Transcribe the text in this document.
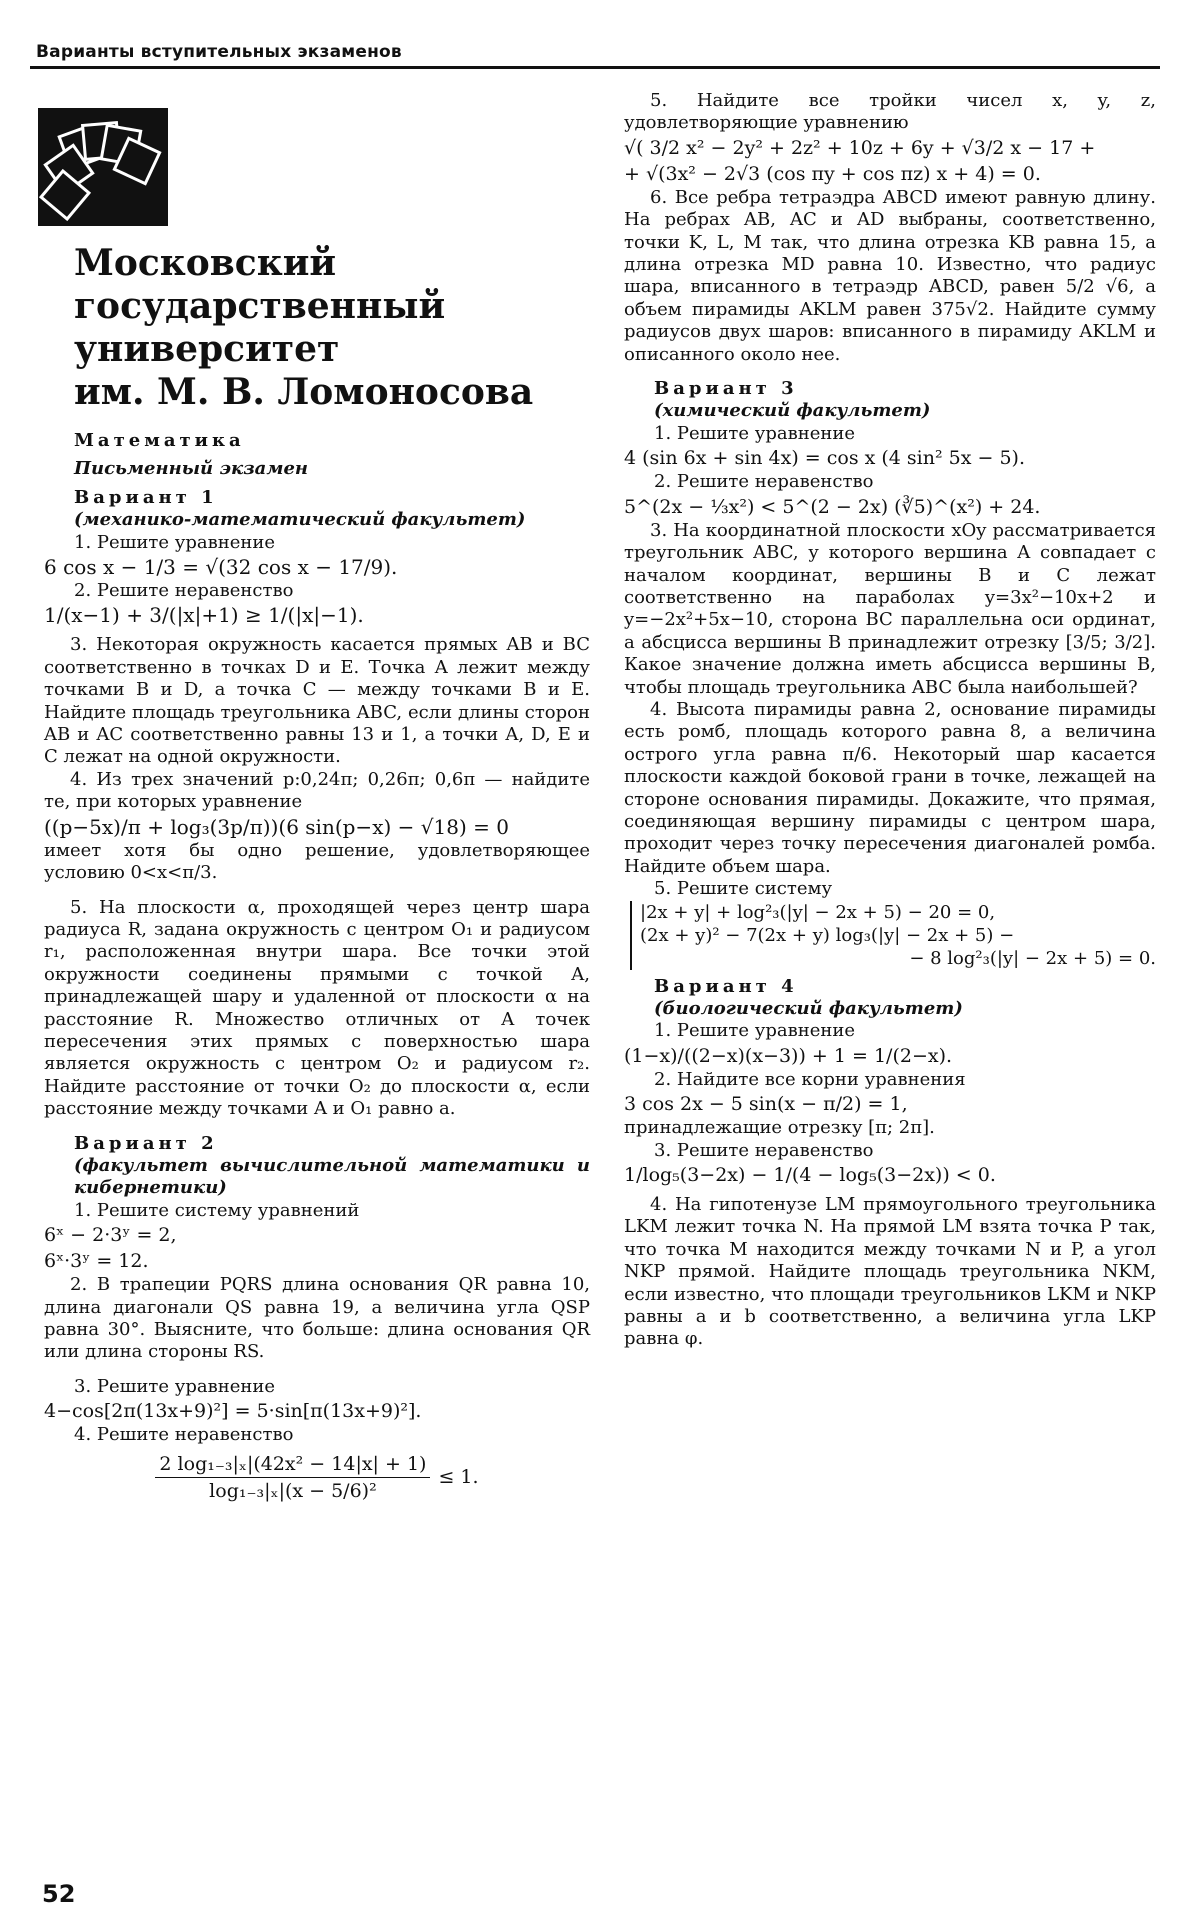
Варианты вступительных экзаменов
Московский
государственный
университет
им. М. В. Ломоносова

Математика

Письменный экзамен

Вариант 1

(механико-математический факультет)

1. Решите уравнение

6 cos x − 1/3 = √(32 cos x − 17/9).

2. Решите неравенство

1/(x−1) + 3/(|x|+1) ≥ 1/(|x|−1).

3. Некоторая окружность касается прямых AB и BC соответственно в точках D и E. Точка A лежит между точками B и D, а точка C — между точками B и E. Найдите площадь треугольника ABC, если длины сторон AB и AC соответственно равны 13 и 1, а точки A, D, E и C лежат на одной окружности.

4. Из трех значений p:0,24π; 0,26π; 0,6π — найдите те, при которых уравнение

((p−5x)/π + log₃(3p/π))(6 sin(p−x) − √18) = 0

имеет хотя бы одно решение, удовлетворяющее условию 0<x<π/3.

5. На плоскости α, проходящей через центр шара радиуса R, задана окружность с центром O₁ и радиусом r₁, расположенная внутри шара. Все точки этой окружности соединены прямыми с точкой A, принадлежащей шару и удаленной от плоскости α на расстояние R. Множество отличных от A точек пересечения этих прямых с поверхностью шара является окружность с центром O₂ и радиусом r₂. Найдите расстояние от точки O₂ до плоскости α, если расстояние между точками A и O₁ равно a.

Вариант 2

(факультет вычислительной математики и кибернетики)

1. Решите систему уравнений

6ˣ − 2·3ʸ = 2,

6ˣ·3ʸ = 12.

2. В трапеции PQRS длина основания QR равна 10, длина диагонали QS равна 19, а величина угла QSP равна 30°. Выясните, что больше: длина основания QR или длина стороны RS.

3. Решите уравнение

4−cos[2π(13x+9)²] = 5·sin[π(13x+9)²].

4. Решите неравенство

$\frac{\text{2 log₁₋₃|ₓ|(42x² − 14|x| + 1)}}{\text{log₁₋₃|ₓ|(x − 5/6)²}} \le 1$.

5. Найдите все тройки чисел x, y, z, удовлетворяющие уравнению

√( 3/2 x² − 2y² + 2z² + 10z + 6y + √3/2 x − 17 +

+ √(3x² − 2√3 (cos πy + cos πz) x + 4) = 0.

6. Все ребра тетраэдра ABCD имеют равную длину. На ребрах AB, AC и AD выбраны, соответственно, точки K, L, M так, что длина отрезка KB равна 15, а длина отрезка MD равна 10. Известно, что радиус шара, вписанного в тетраэдр ABCD, равен 5/2 √6, а объем пирамиды AKLM равен 375√2. Найдите сумму радиусов двух шаров: вписанного в пирамиду AKLM и описанного около нее.

Вариант 3

(химический факультет)

1. Решите уравнение

4 (sin 6x + sin 4x) = cos x (4 sin² 5x − 5).

2. Решите неравенство

5^(2x − ⅓x²) < 5^(2 − 2x) (∛5)^(x²) + 24.

3. На координатной плоскости xOy рассматривается треугольник ABC, у которого вершина A совпадает с началом координат, вершины B и C лежат соответственно на параболах y=3x²−10x+2 и y=−2x²+5x−10, сторона BC параллельна оси ординат, а абсцисса вершины B принадлежит отрезку [3/5; 3/2]. Какое значение должна иметь абсцисса вершины B, чтобы площадь треугольника ABC была наибольшей?

4. Высота пирамиды равна 2, основание пирамиды есть ромб, площадь которого равна 8, а величина острого угла равна π/6. Некоторый шар касается плоскости каждой боковой грани в точке, лежащей на стороне основания пирамиды. Докажите, что прямая, соединяющая вершину пирамиды с центром шара, проходит через точку пересечения диагоналей ромба. Найдите объем шара.

5. Решите систему

|2x + y| + log²₃(|y| − 2x + 5) − 20 = 0,
(2x + y)² − 7(2x + y) log₃(|y| − 2x + 5) −
− 8 log²₃(|y| − 2x + 5) = 0.

Вариант 4

(биологический факультет)

1. Решите уравнение

(1−x)/((2−x)(x−3)) + 1 = 1/(2−x).

2. Найдите все корни уравнения

3 cos 2x − 5 sin(x − π/2) = 1,

принадлежащие отрезку [π; 2π].

3. Решите неравенство

1/log₅(3−2x) − 1/(4 − log₅(3−2x)) < 0.

4. На гипотенузе LM прямоугольного треугольника LKM лежит точка N. На прямой LM взята точка P так, что точка M находится между точками N и P, а угол NKP прямой. Найдите площадь треугольника NKM, если известно, что площади треугольников LKM и NKP равны a и b соответственно, а величина угла LKP равна φ.

52
